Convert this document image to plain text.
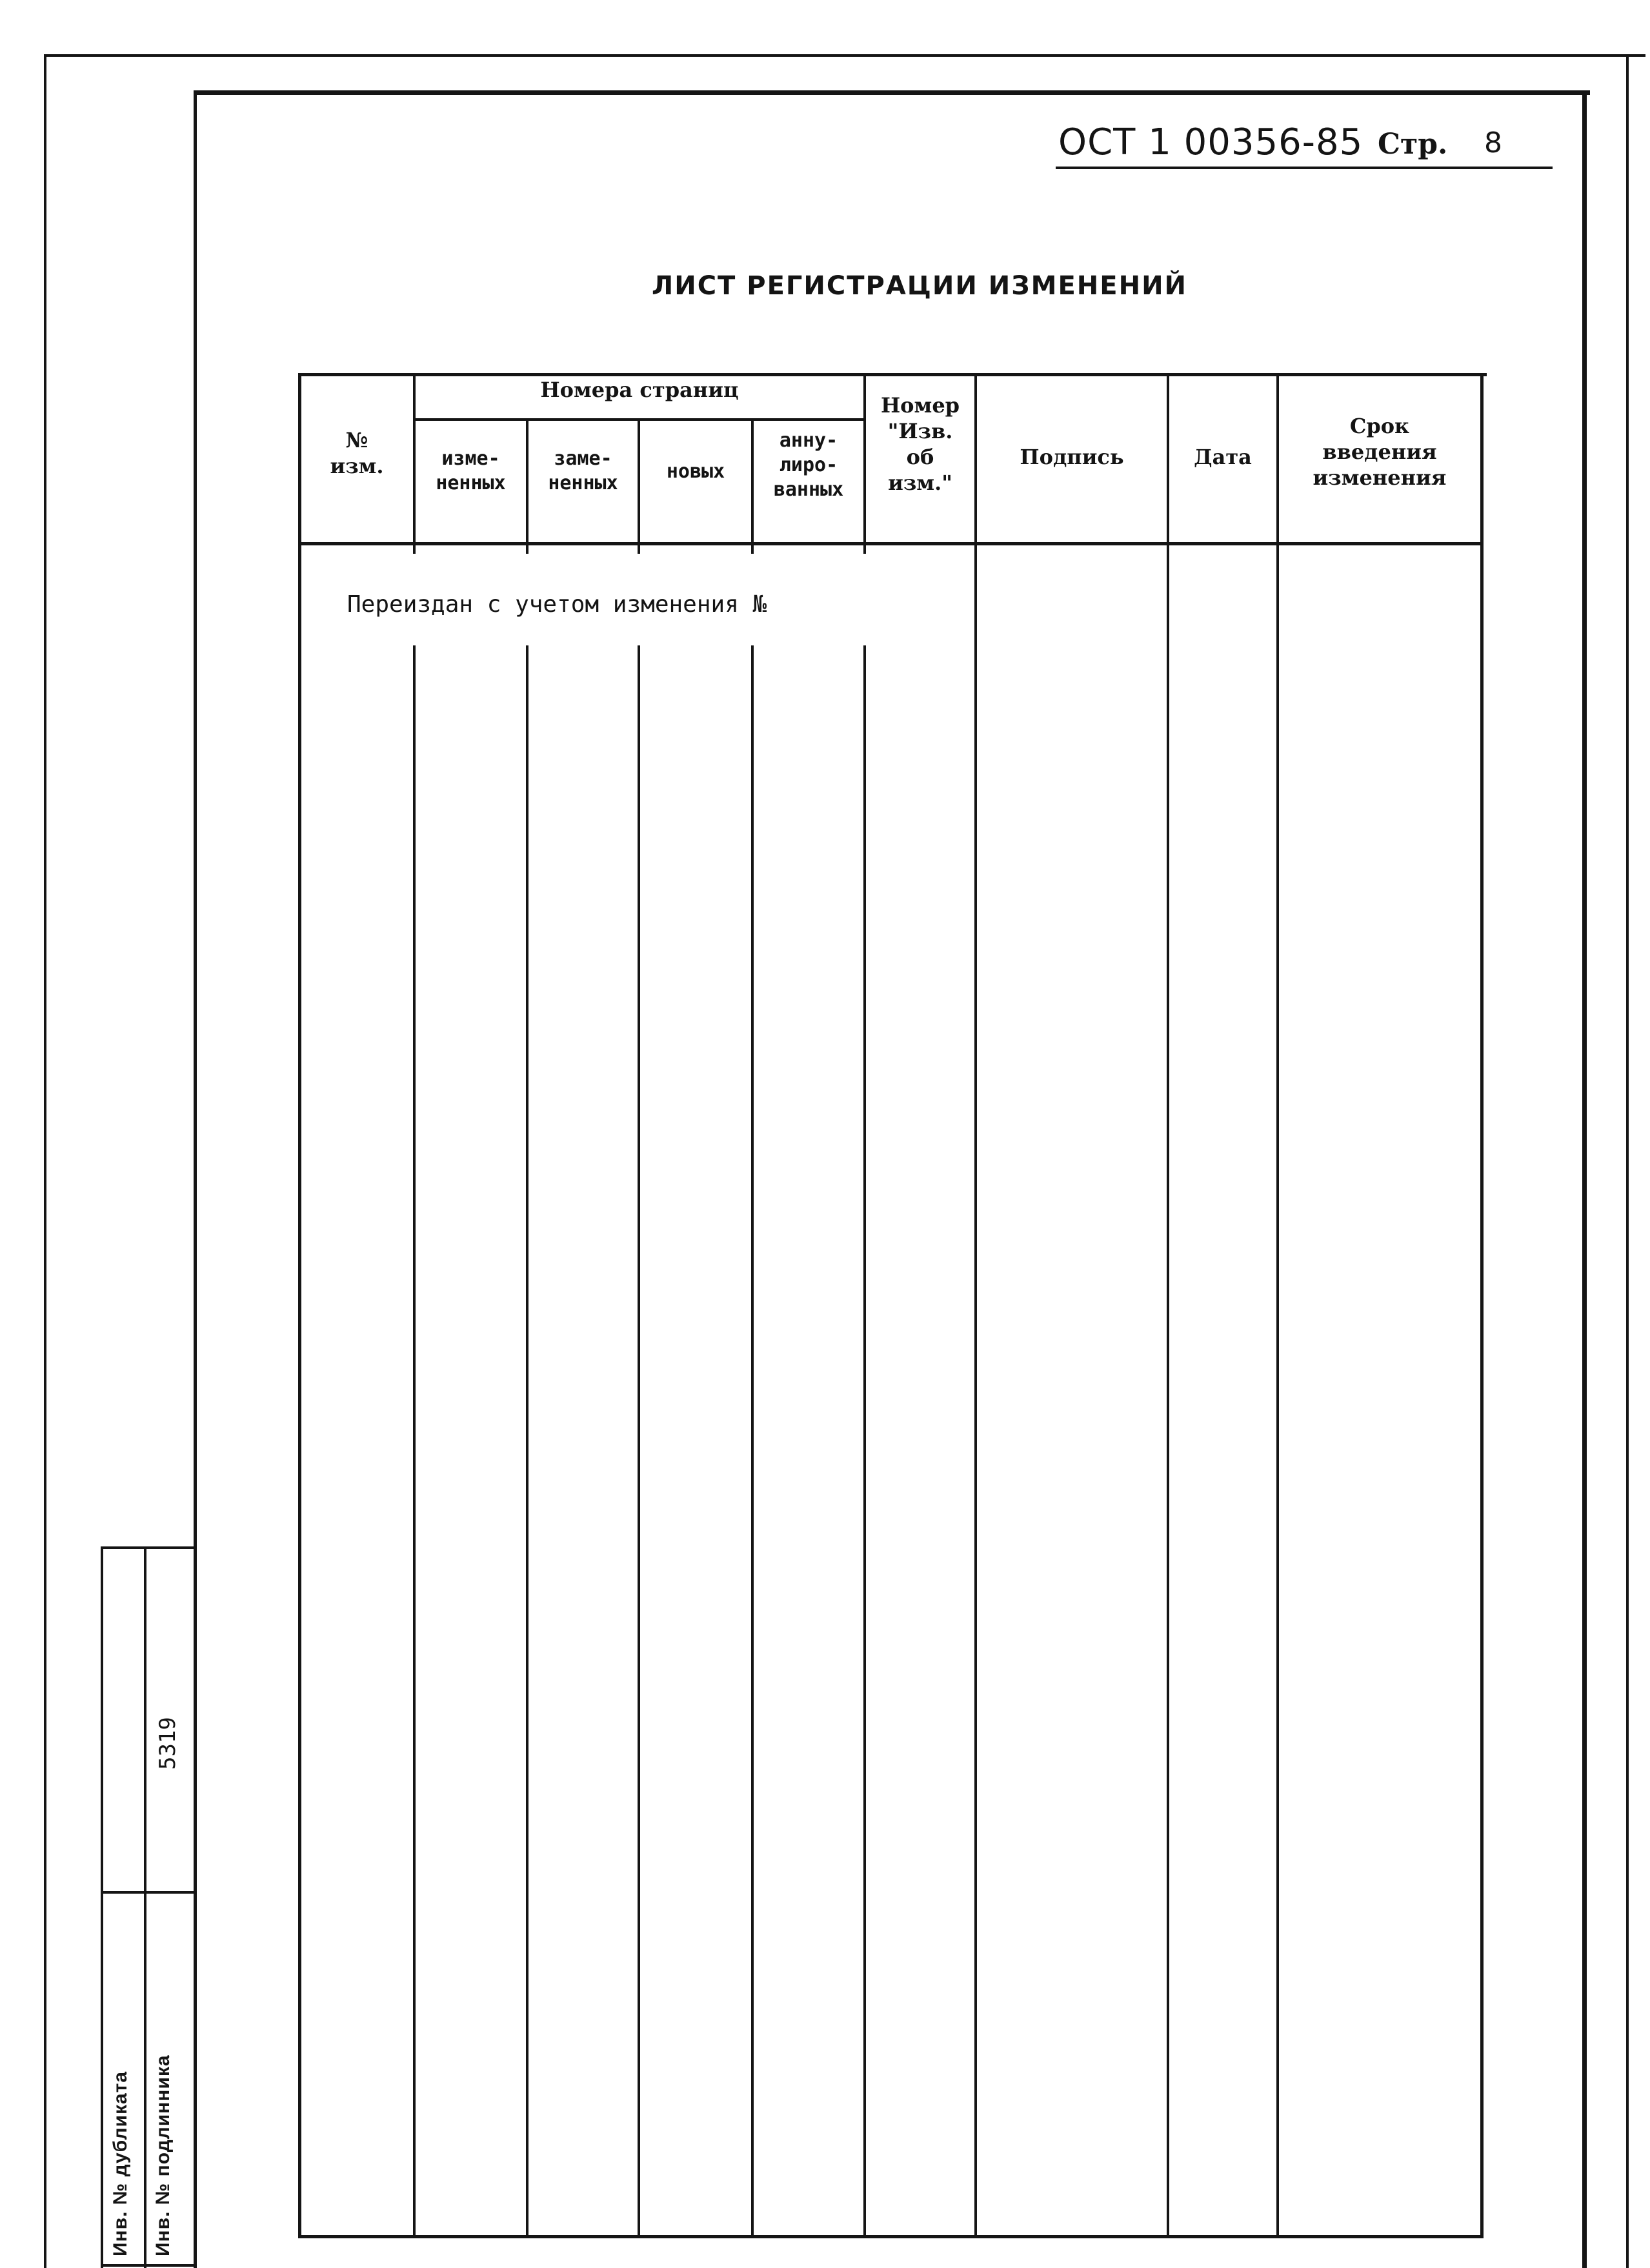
ОСТ 1 00356-85 Стр. 8
ЛИСТ РЕГИСТРАЦИИ ИЗМЕНЕНИЙ
№
изм.
Номера страниц
изме-
ненных
заме-
ненных
новых
анну-
лиро-
ванных
Номер
"Изв.
об
изм."
Подпись	Дата
Срок
введения
изменения
Переиздан с учетом изменения №
Инв. № дубликата Инв. № подлинника
5319
